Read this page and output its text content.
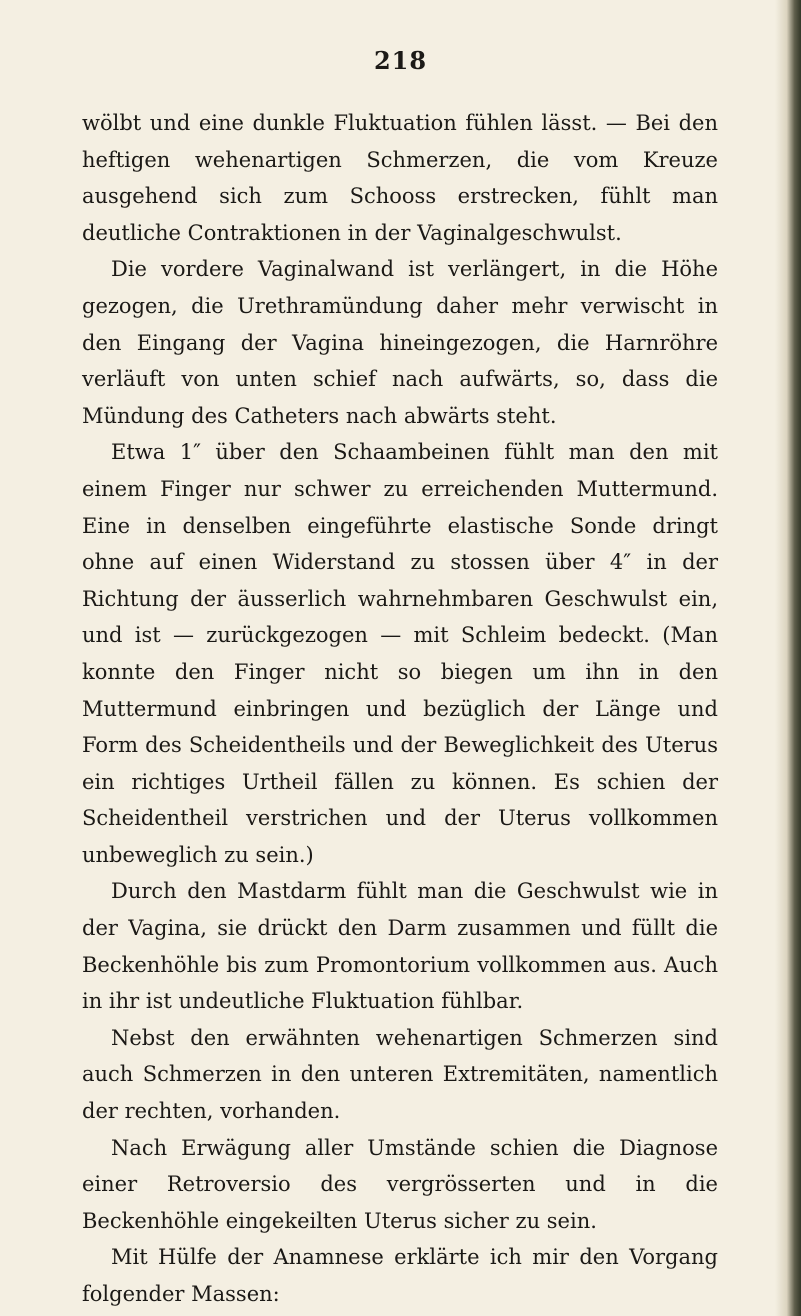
218

wölbt und eine dunkle Fluktuation fühlen lässt. — Bei den heftigen wehenartigen Schmerzen, die vom Kreuze ausgehend sich zum Schooss erstrecken, fühlt man deutliche Contraktionen in der Vaginalgeschwulst.

Die vordere Vaginalwand ist verlängert, in die Höhe gezogen, die Urethramündung daher mehr verwischt in den Eingang der Vagina hineingezogen, die Harnröhre verläuft von unten schief nach aufwärts, so, dass die Mündung des Catheters nach abwärts steht.

Etwa 1″ über den Schaambeinen fühlt man den mit einem Finger nur schwer zu erreichenden Muttermund. Eine in denselben eingeführte elastische Sonde dringt ohne auf einen Widerstand zu stossen über 4″ in der Richtung der äusserlich wahrnehmbaren Geschwulst ein, und ist — zurückgezogen — mit Schleim bedeckt. (Man konnte den Finger nicht so biegen um ihn in den Muttermund einbringen und bezüglich der Länge und Form des Scheidentheils und der Beweglichkeit des Uterus ein richtiges Urtheil fällen zu können. Es schien der Scheidentheil verstrichen und der Uterus vollkommen unbeweglich zu sein.)

Durch den Mastdarm fühlt man die Geschwulst wie in der Vagina, sie drückt den Darm zusammen und füllt die Beckenhöhle bis zum Promontorium vollkommen aus. Auch in ihr ist undeutliche Fluktuation fühlbar.

Nebst den erwähnten wehenartigen Schmerzen sind auch Schmerzen in den unteren Extremitäten, namentlich der rechten, vorhanden.

Nach Erwägung aller Umstände schien die Diagnose einer Retroversio des vergrösserten und in die Beckenhöhle eingekeilten Uterus sicher zu sein.

Mit Hülfe der Anamnese erklärte ich mir den Vorgang folgender Massen:
